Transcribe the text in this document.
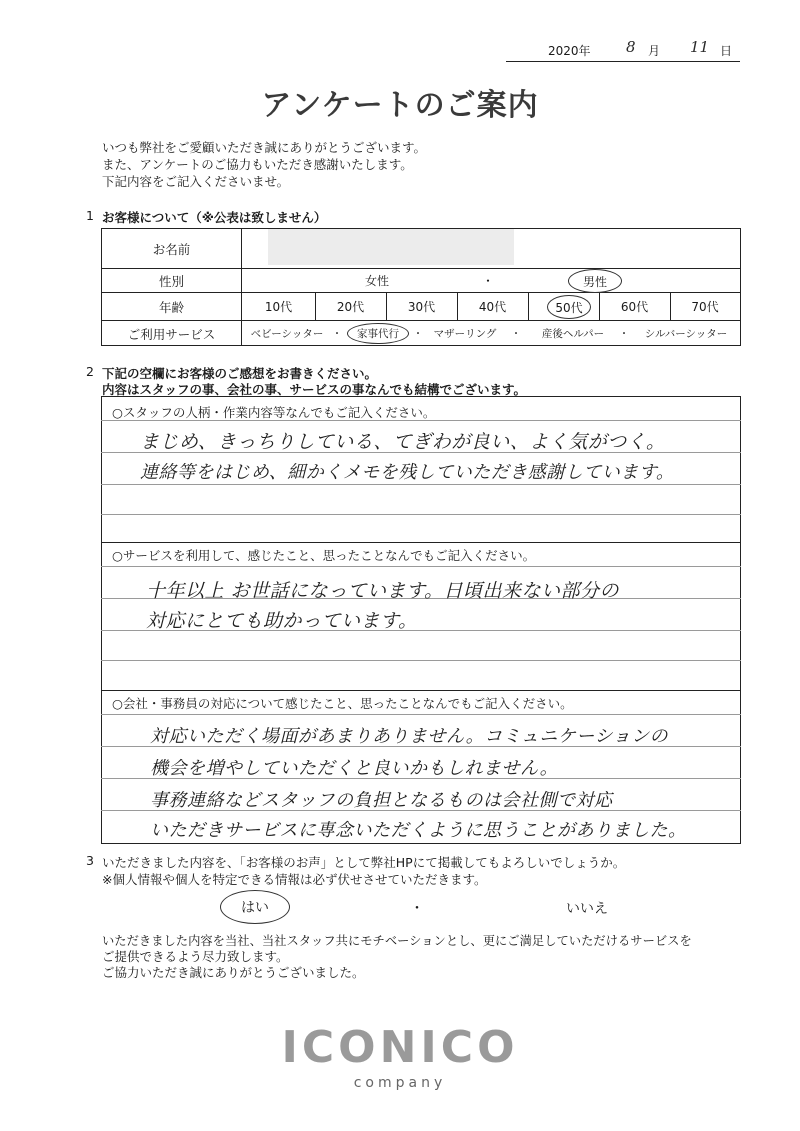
2020年 8 月 11 日
アンケートのご案内
いつも弊社をご愛顧いただき誠にありがとうございます。
また、アンケートのご協力もいただき感謝いたします。
下記内容をご記入くださいませ。
1 お客様について（※公表は致しません）
お名前
性別	女性	・	男性
年齢	10代	20代	30代	40代	50代	60代	70代
ご利用サービス	ベビーシッター ・	家事代行	・ マザーリング	・	産後ヘルパー	・	シルバーシッター
2 下記の空欄にお客様のご感想をお書きください。
内容はスタッフの事、会社の事、サービスの事なんでも結構でございます。
○スタッフの人柄・作業内容等なんでもご記入ください。
まじめ、きっちりしている、てぎわが良い、よく気がつく。
連絡等をはじめ、細かくメモを残していただき感謝しています。
○サービスを利用して、感じたこと、思ったことなんでもご記入ください。
十年以上 お世話になっています。日頃出来ない部分の
対応にとても助かっています。
○会社・事務員の対応について感じたこと、思ったことなんでもご記入ください。
対応いただく場面があまりありません。コミュニケーションの
機会を増やしていただくと良いかもしれません。
事務連絡などスタッフの負担となるものは会社側で対応
いただきサービスに専念いただくように思うことがありました。
3 いただきました内容を、「お客様のお声」として弊社HPにて掲載してもよろしいでしょうか。
※個人情報や個人を特定できる情報は必ず伏せさせていただきます。
はい	・	いいえ
いただきました内容を当社、当社スタッフ共にモチベーションとし、更にご満足していただけるサービスを
ご提供できるよう尽力致します。
ご協力いただき誠にありがとうございました。
ICONICO
company
